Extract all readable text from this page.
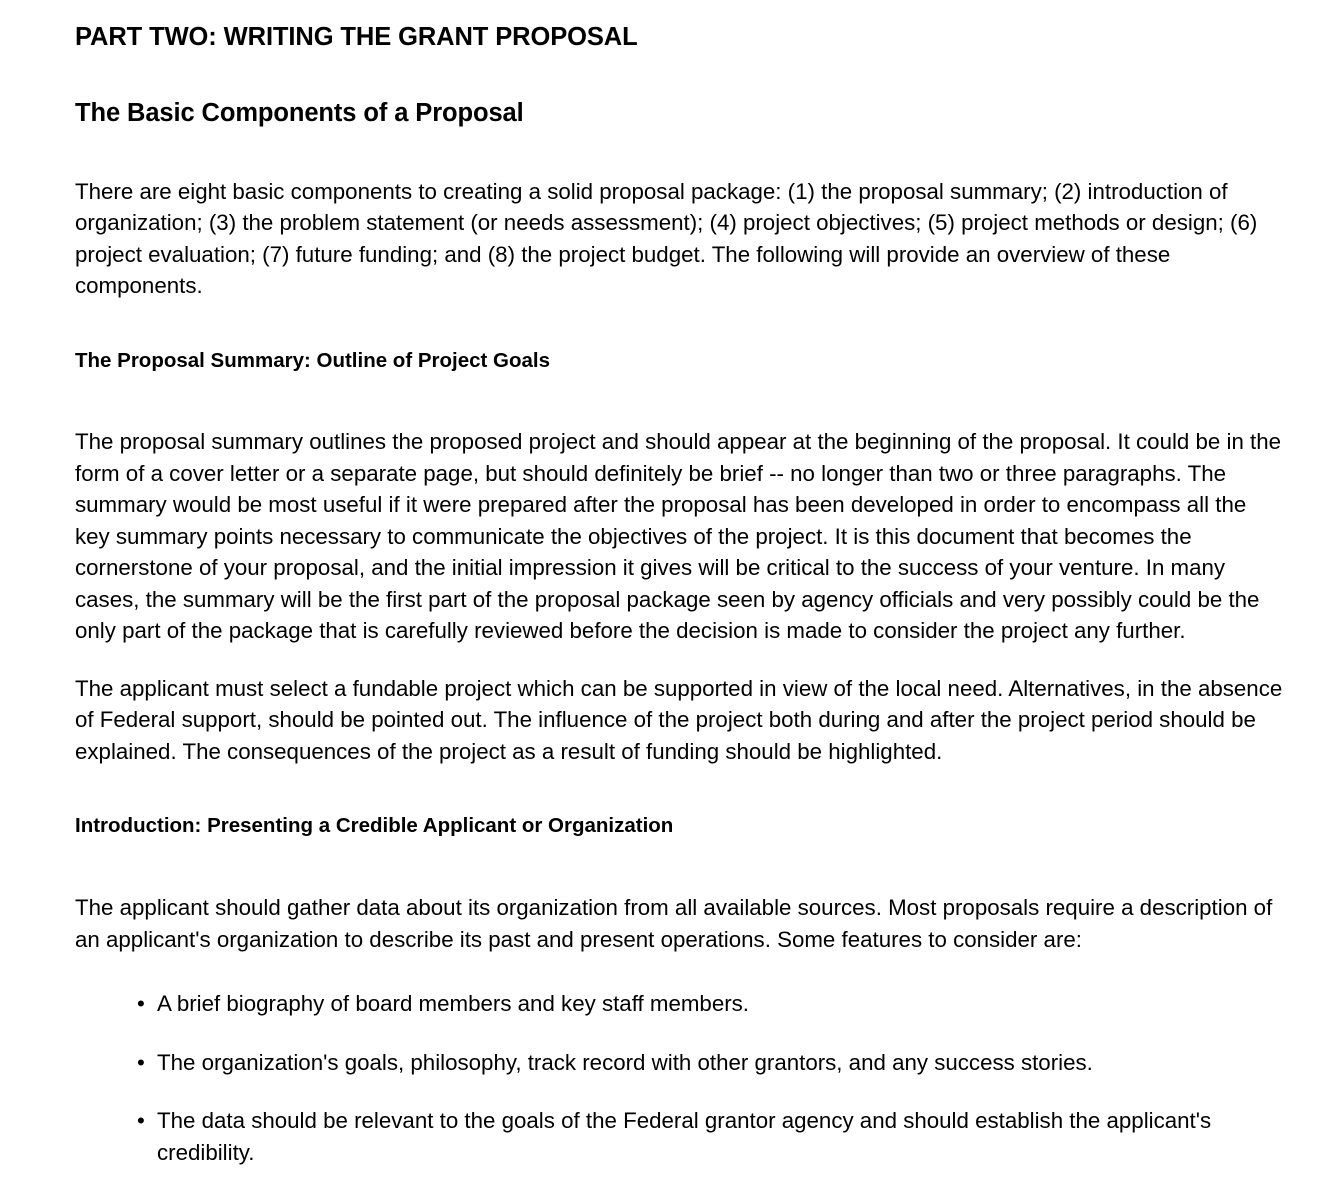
PART TWO: WRITING THE GRANT PROPOSAL
The Basic Components of a Proposal

There are eight basic components to creating a solid proposal package: (1) the proposal summary; (2) introduction of organization; (3) the problem statement (or needs assessment); (4) project objectives; (5) project methods or design; (6) project evaluation; (7) future funding; and (8) the project budget. The following will provide an overview of these components.

The Proposal Summary: Outline of Project Goals

The proposal summary outlines the proposed project and should appear at the beginning of the proposal. It could be in the form of a cover letter or a separate page, but should definitely be brief -- no longer than two or three paragraphs. The summary would be most useful if it were prepared after the proposal has been developed in order to encompass all the key summary points necessary to communicate the objectives of the project. It is this document that becomes the cornerstone of your proposal, and the initial impression it gives will be critical to the success of your venture. In many cases, the summary will be the first part of the proposal package seen by agency officials and very possibly could be the only part of the package that is carefully reviewed before the decision is made to consider the project any further.

The applicant must select a fundable project which can be supported in view of the local need. Alternatives, in the absence of Federal support, should be pointed out. The influence of the project both during and after the project period should be explained. The consequences of the project as a result of funding should be highlighted.

Introduction: Presenting a Credible Applicant or Organization

The applicant should gather data about its organization from all available sources. Most proposals require a description of an applicant's organization to describe its past and present operations. Some features to consider are:

• A brief biography of board members and key staff members.
• The organization's goals, philosophy, track record with other grantors, and any success stories.
• The data should be relevant to the goals of the Federal grantor agency and should establish the applicant's credibility.
